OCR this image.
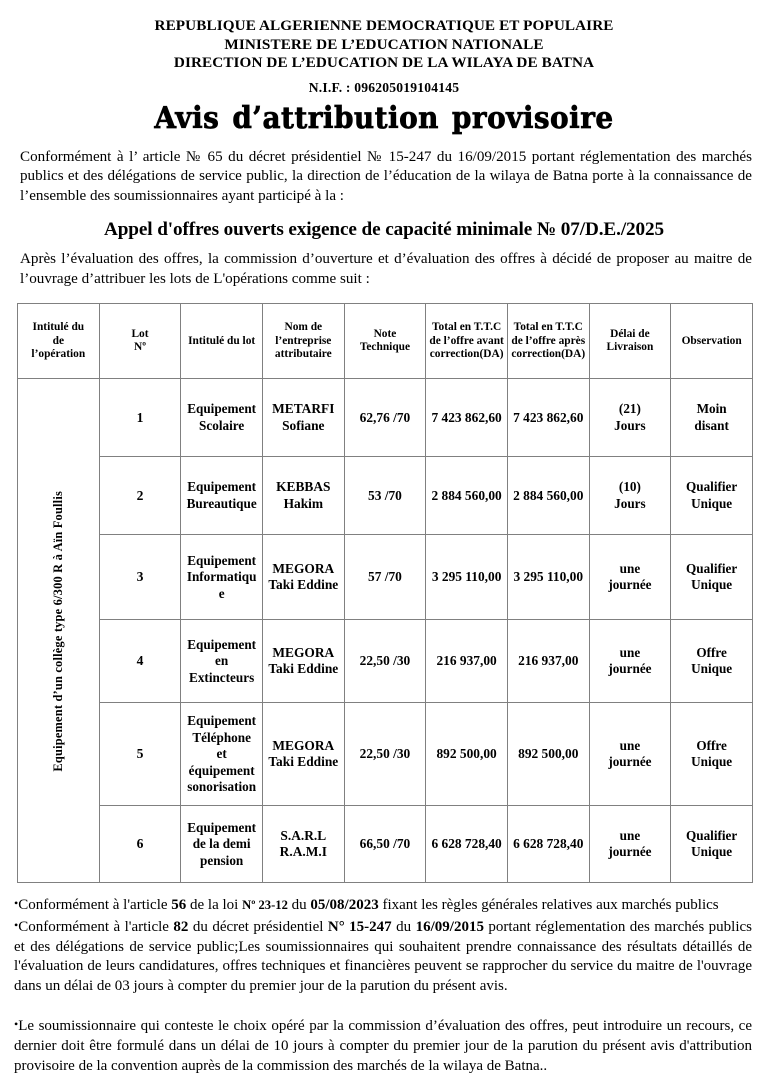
REPUBLIQUE ALGERIENNE DEMOCRATIQUE ET POPULAIRE
MINISTERE DE L’EDUCATION NATIONALE
DIRECTION DE L’EDUCATION DE LA WILAYA DE BATNA
N.I.F. : 096205019104145
Avis d’attribution provisoire

Conformément à l’ article № 65 du décret présidentiel № 15-247 du 16/09/2015 portant réglementation des marchés publics et des délégations de service public, la direction de l’éducation de la wilaya de Batna porte à la connaissance de l’ensemble des soumissionnaires ayant participé à la :

Appel d'offres ouverts exigence de capacité minimale № 07/D.E./2025

Après l’évaluation des offres, la commission d’ouverture et d’évaluation des offres à décidé de proposer au maitre de l’ouvrage d’attribuer les lots de L'opérations comme suit :

Intitulé du
de
l’opération	Lot
Nº	Intitulé du lot	Nom de
l’entreprise
attributaire	Note
Technique	Total en T.T.C
de l’offre avant
correction(DA)	Total en T.T.C
de l’offre après
correction(DA)	Délai de
Livraison	Observation

Equipement d’un collège type 6/300 R à Aïn Foullis	1	Equipement
Scolaire	METARFI
Sofiane	62,76 /70	7 423 862,60	7 423 862,60	(21)
Jours	Moin
disant
	2	Equipement
Bureautique	KEBBAS
Hakim	53 /70	2 884 560,00	2 884 560,00	(10)
Jours	Qualifier
Unique
	3	Equipement
Informatiqu
e	MEGORA
Taki Eddine	57 /70	3 295 110,00	3 295 110,00	une
journée	Qualifier
Unique
	4	Equipement
en
Extincteurs	MEGORA
Taki Eddine	22,50 /30	216 937,00	216 937,00	une
journée	Offre
Unique
	5	Equipement
Téléphone
et
équipement sonorisation	MEGORA
Taki Eddine	22,50 /30	892 500,00	892 500,00	une
journée	Offre
Unique
	6	Equipement
de la demi
pension	S.A.R.L
R.A.M.I	66,50 /70	6 628 728,40	6 628 728,40	une
journée	Qualifier
Unique

•Conformément à l'article 56 de la loi Nº 23-12 du 05/08/2023 fixant les règles générales relatives aux marchés publics

•Conformément à l'article 82 du décret présidentiel N° 15-247 du 16/09/2015 portant réglementation des marchés publics et des délégations de service public;Les soumissionnaires qui souhaitent prendre connaissance des résultats détaillés de l'évaluation de leurs candidatures, offres techniques et financières peuvent se rapprocher du service du maitre de l'ouvrage dans un délai de 03 jours à compter du premier jour de la parution du présent avis.

•Le soumissionnaire qui conteste le choix opéré par la commission d’évaluation des offres, peut introduire un recours, ce dernier doit être formulé dans un délai de 10 jours à compter du premier jour de la parution du présent avis d'attribution provisoire de la convention auprès de la commission des marchés de la wilaya de Batna..
